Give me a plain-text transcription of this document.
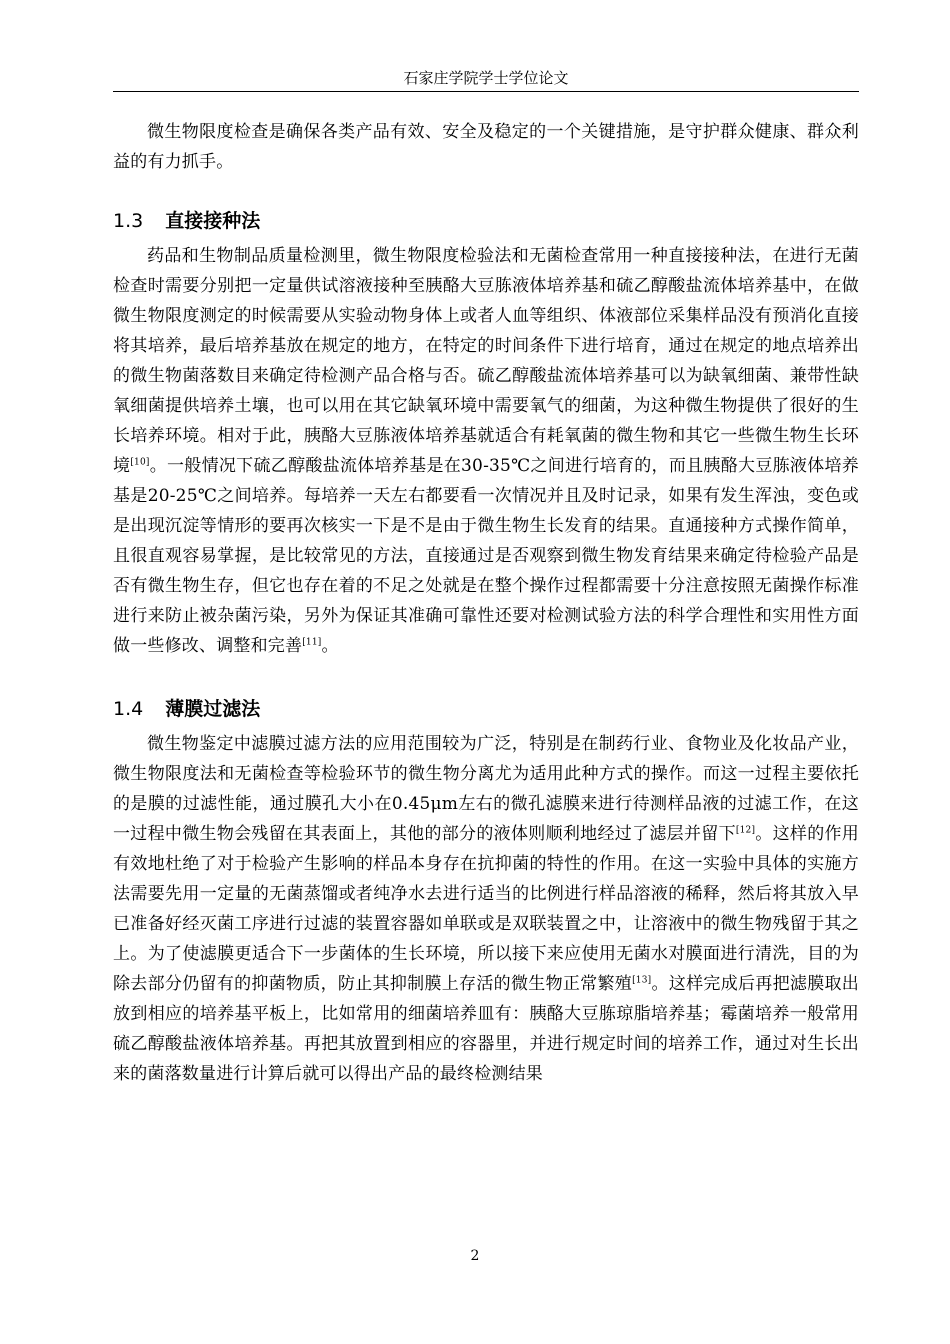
石家庄学院学士学位论文

微生物限度检查是确保各类产品有效、安全及稳定的一个关键措施，是守护群众健康、群众利益的有力抓手。

1.3 直接接种法

药品和生物制品质量检测里，微生物限度检验法和无菌检查常用一种直接接种法，在进行无菌检查时需要分别把一定量供试溶液接种至胰酪大豆胨液体培养基和硫乙醇酸盐流体培养基中，在做微生物限度测定的时候需要从实验动物身体上或者人血等组织、体液部位采集样品没有预消化直接将其培养，最后培养基放在规定的地方，在特定的时间条件下进行培育，通过在规定的地点培养出的微生物菌落数目来确定待检测产品合格与否。硫乙醇酸盐流体培养基可以为缺氧细菌、兼带性缺氧细菌提供培养土壤，也可以用在其它缺氧环境中需要氧气的细菌，为这种微生物提供了很好的生长培养环境。相对于此，胰酪大豆胨液体培养基就适合有耗氧菌的微生物和其它一些微生物生长环境[10]。一般情况下硫乙醇酸盐流体培养基是在30-35℃之间进行培育的，而且胰酪大豆胨液体培养基是20-25℃之间培养。每培养一天左右都要看一次情况并且及时记录，如果有发生浑浊，变色或是出现沉淀等情形的要再次核实一下是不是由于微生物生长发育的结果。直通接种方式操作简单，且很直观容易掌握，是比较常见的方法，直接通过是否观察到微生物发育结果来确定待检验产品是否有微生物生存，但它也存在着的不足之处就是在整个操作过程都需要十分注意按照无菌操作标准进行来防止被杂菌污染，另外为保证其准确可靠性还要对检测试验方法的科学合理性和实用性方面做一些修改、调整和完善[11]。

1.4 薄膜过滤法

微生物鉴定中滤膜过滤方法的应用范围较为广泛，特别是在制药行业、食物业及化妆品产业，微生物限度法和无菌检查等检验环节的微生物分离尤为适用此种方式的操作。而这一过程主要依托的是膜的过滤性能，通过膜孔大小在0.45μm左右的微孔滤膜来进行待测样品液的过滤工作，在这一过程中微生物会残留在其表面上，其他的部分的液体则顺利地经过了滤层并留下[12]。这样的作用有效地杜绝了对于检验产生影响的样品本身存在抗抑菌的特性的作用。在这一实验中具体的实施方法需要先用一定量的无菌蒸馏或者纯净水去进行适当的比例进行样品溶液的稀释，然后将其放入早已准备好经灭菌工序进行过滤的装置容器如单联或是双联装置之中，让溶液中的微生物残留于其之上。为了使滤膜更适合下一步菌体的生长环境，所以接下来应使用无菌水对膜面进行清洗，目的为除去部分仍留有的抑菌物质，防止其抑制膜上存活的微生物正常繁殖[13]。这样完成后再把滤膜取出放到相应的培养基平板上，比如常用的细菌培养皿有：胰酪大豆胨琼脂培养基；霉菌培养一般常用硫乙醇酸盐液体培养基。再把其放置到相应的容器里，并进行规定时间的培养工作，通过对生长出来的菌落数量进行计算后就可以得出产品的最终检测结果

2
